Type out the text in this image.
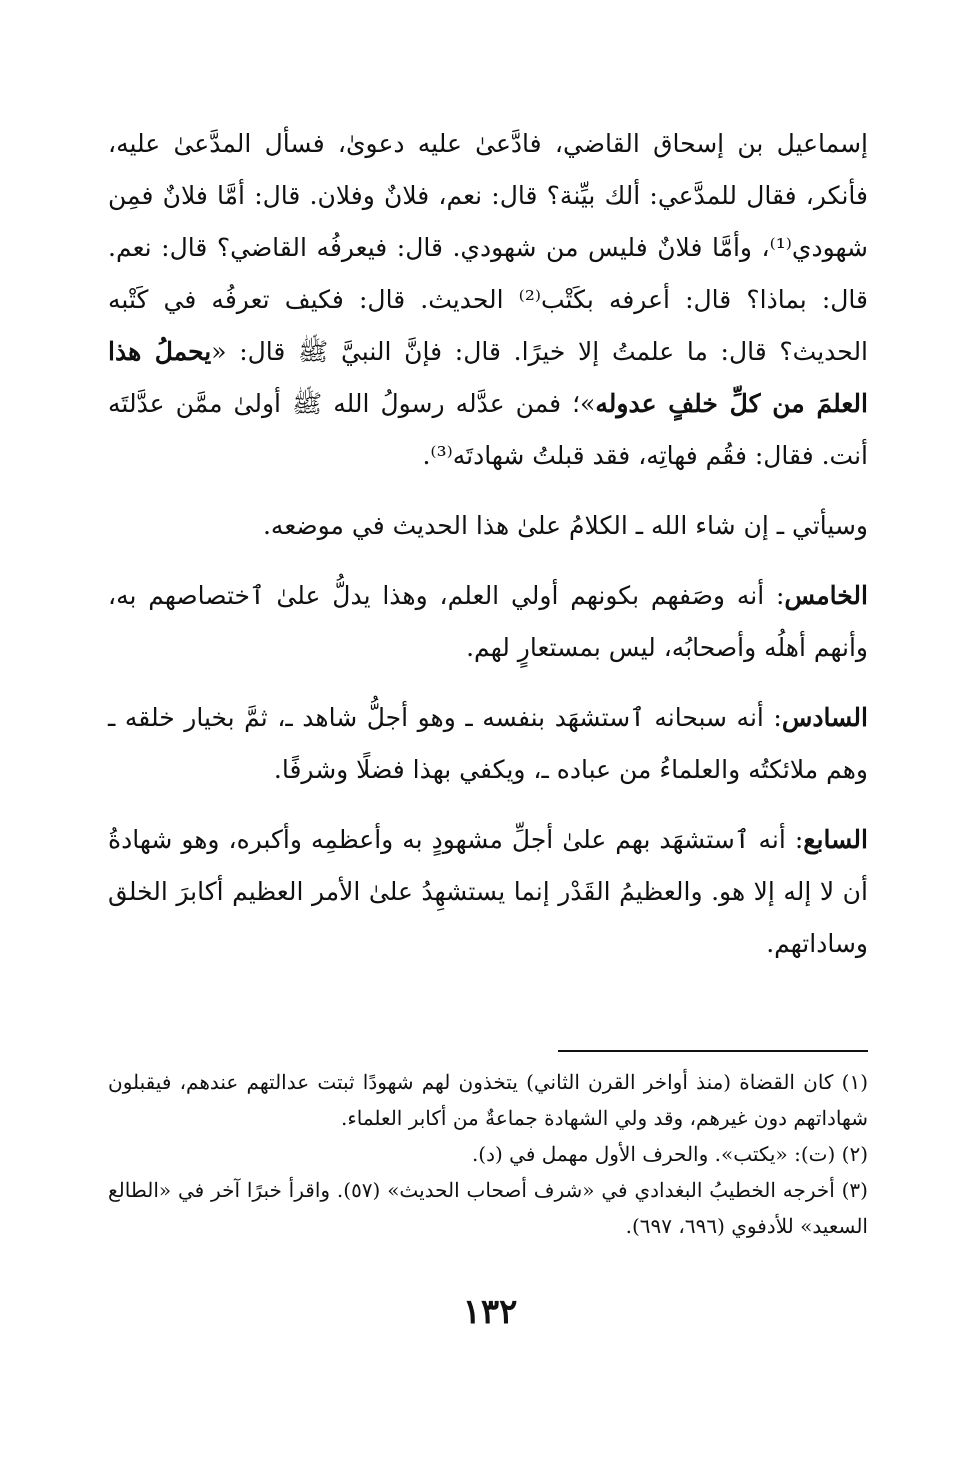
إسماعيل بن إسحاق القاضي، فادَّعىٰ عليه دعوىٰ، فسأل المدَّعىٰ عليه، فأنكر، فقال للمدَّعي: ألك بيِّنة؟ قال: نعم، فلانٌ وفلان. قال: أمَّا فلانٌ فمِن شهودي⁽¹⁾، وأمَّا فلانٌ فليس من شهودي. قال: فيعرفُه القاضي؟ قال: نعم. قال: بماذا؟ قال: أعرفه بكَتْب⁽²⁾ الحديث. قال: فكيف تعرفُه في كَتْبه الحديث؟ قال: ما علمتُ إلا خيرًا. قال: فإنَّ النبيَّ ﷺ قال: «يحملُ هذا العلمَ من كلِّ خلفٍ عدوله»؛ فمن عدَّله رسولُ الله ﷺ أولىٰ ممَّن عدَّلتَه أنت. فقال: فقُم فهاتِه، فقد قبلتُ شهادتَه⁽³⁾.

وسيأتي ـ إن شاء الله ـ الكلامُ علىٰ هذا الحديث في موضعه.

الخامس: أنه وصَفهم بكونهم أولي العلم، وهذا يدلُّ علىٰ ٱختصاصهم به، وأنهم أهلُه وأصحابُه، ليس بمستعارٍ لهم.

السادس: أنه سبحانه ٱستشهَد بنفسه ـ وهو أجلُّ شاهد ـ، ثمَّ بخيار خلقه ـ وهم ملائكتُه والعلماءُ من عباده ـ، ويكفي بهذا فضلًا وشرفًا.

السابع: أنه ٱستشهَد بهم علىٰ أجلِّ مشهودٍ به وأعظمِه وأكبره، وهو شهادةُ أن لا إله إلا هو. والعظيمُ القَدْر إنما يستشهِدُ علىٰ الأمر العظيم أكابرَ الخلق وساداتهم.

(١) كان القضاة (منذ أواخر القرن الثاني) يتخذون لهم شهودًا ثبتت عدالتهم عندهم، فيقبلون شهاداتهم دون غيرهم، وقد ولي الشهادة جماعةٌ من أكابر العلماء.

(٢) (ت): «يكتب». والحرف الأول مهمل في (د).

(٣) أخرجه الخطيبُ البغدادي في «شرف أصحاب الحديث» (٥٧). واقرأ خبرًا آخر في «الطالع السعيد» للأدفوي (٦٩٦، ٦٩٧).

١٣٢
